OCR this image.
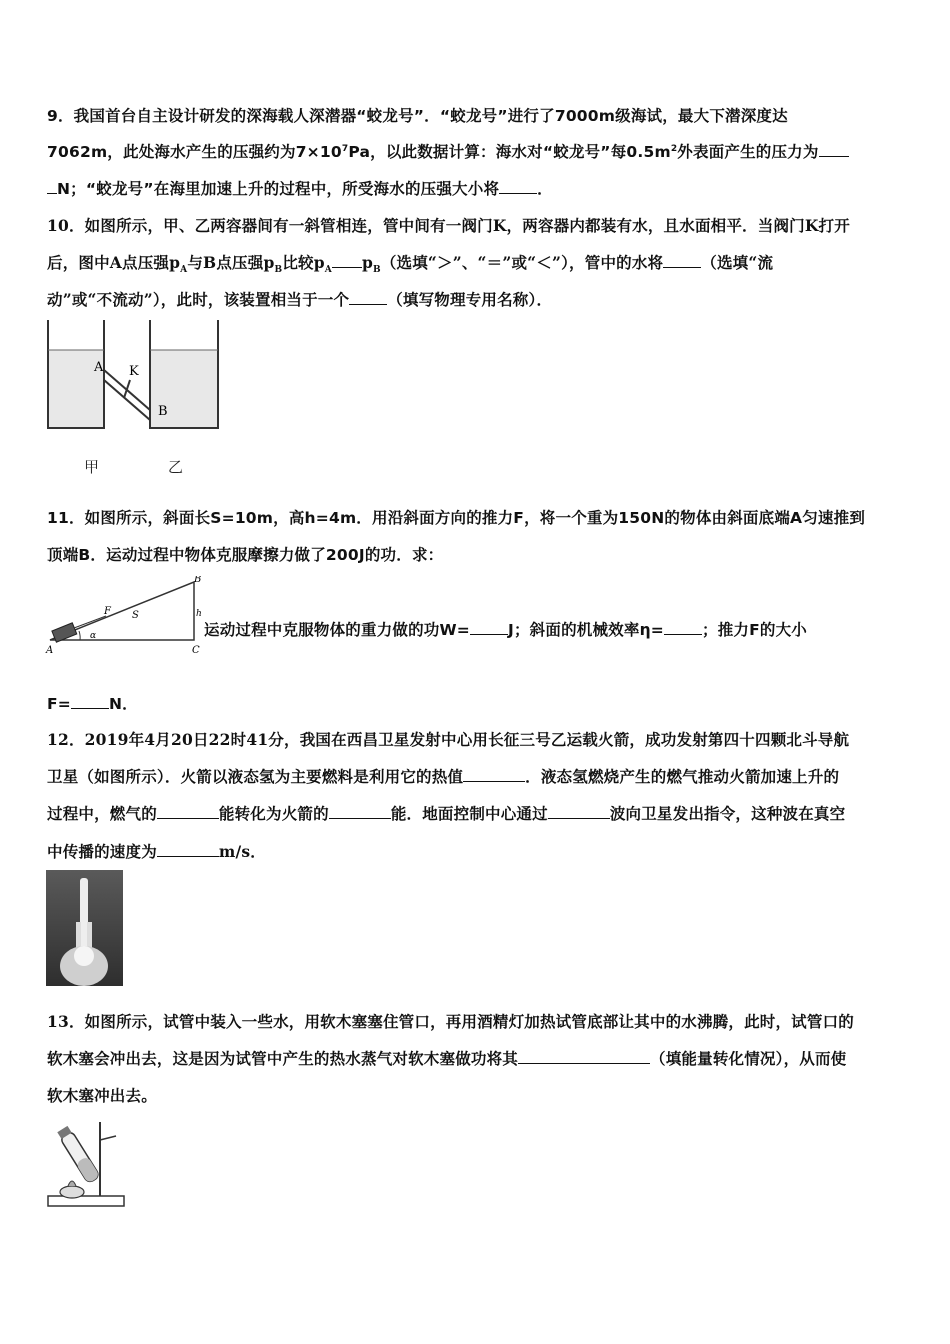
9．我国首台自主设计研发的深海载人深潜器“蛟龙号”．“蛟龙号”进行了7000m级海试，最大下潜深度达
7062m，此处海水产生的压强约为$7\times 10^7Pa$，以此数据计算：海水对“蛟龙号”每$0.5m^2$外表面产生的压力为
N；“蛟龙号”在海里加速上升的过程中，所受海水的压强大小将 ．
10．如图所示，甲、乙两容器间有一斜管相连，管中间有一阀门K，两容器内都装有水，且水面相平．当阀门K打开
后，图中A点压强$p_A$与B点压强$p_B$比较$p_A$ $p_B$（选填“＞”、“＝”或“＜”），管中的水将 （选填“流
动”或“不流动”），此时，该装置相当于一个 （填写物理专用名称）．
A K
B
甲	乙
11．如图所示，斜面长S=10m，高h=4m．用沿斜面方向的推力F，将一个重为150N的物体由斜面底端A匀速推到
顶端B．运动过程中物体克服摩擦力做了200J的功．求：
F S	h
α
A	C
B
运动过程中克服物体的重力做的功W= J；斜面的机械效率η= ；推力F的大小
F= N．
12．2019年4月20日22时41分，我国在西昌卫星发射中心用长征三号乙运载火箭，成功发射第四十四颗北斗导航
卫星（如图所示）．火箭以液态氢为主要燃料是利用它的热值	．液态氢燃烧产生的燃气推动火箭加速上升的
过程中，燃气的	能转化为火箭的	能．地面控制中心通过	波向卫星发出指令，这种波在真空
中传播的速度为	m/s．
13．如图所示，试管中装入一些水，用软木塞塞住管口，再用酒精灯加热试管底部让其中的水沸腾，此时，试管口的
软木塞会冲出去，这是因为试管中产生的热水蒸气对软木塞做功将其	（填能量转化情况），从而使
软木塞冲出去。
